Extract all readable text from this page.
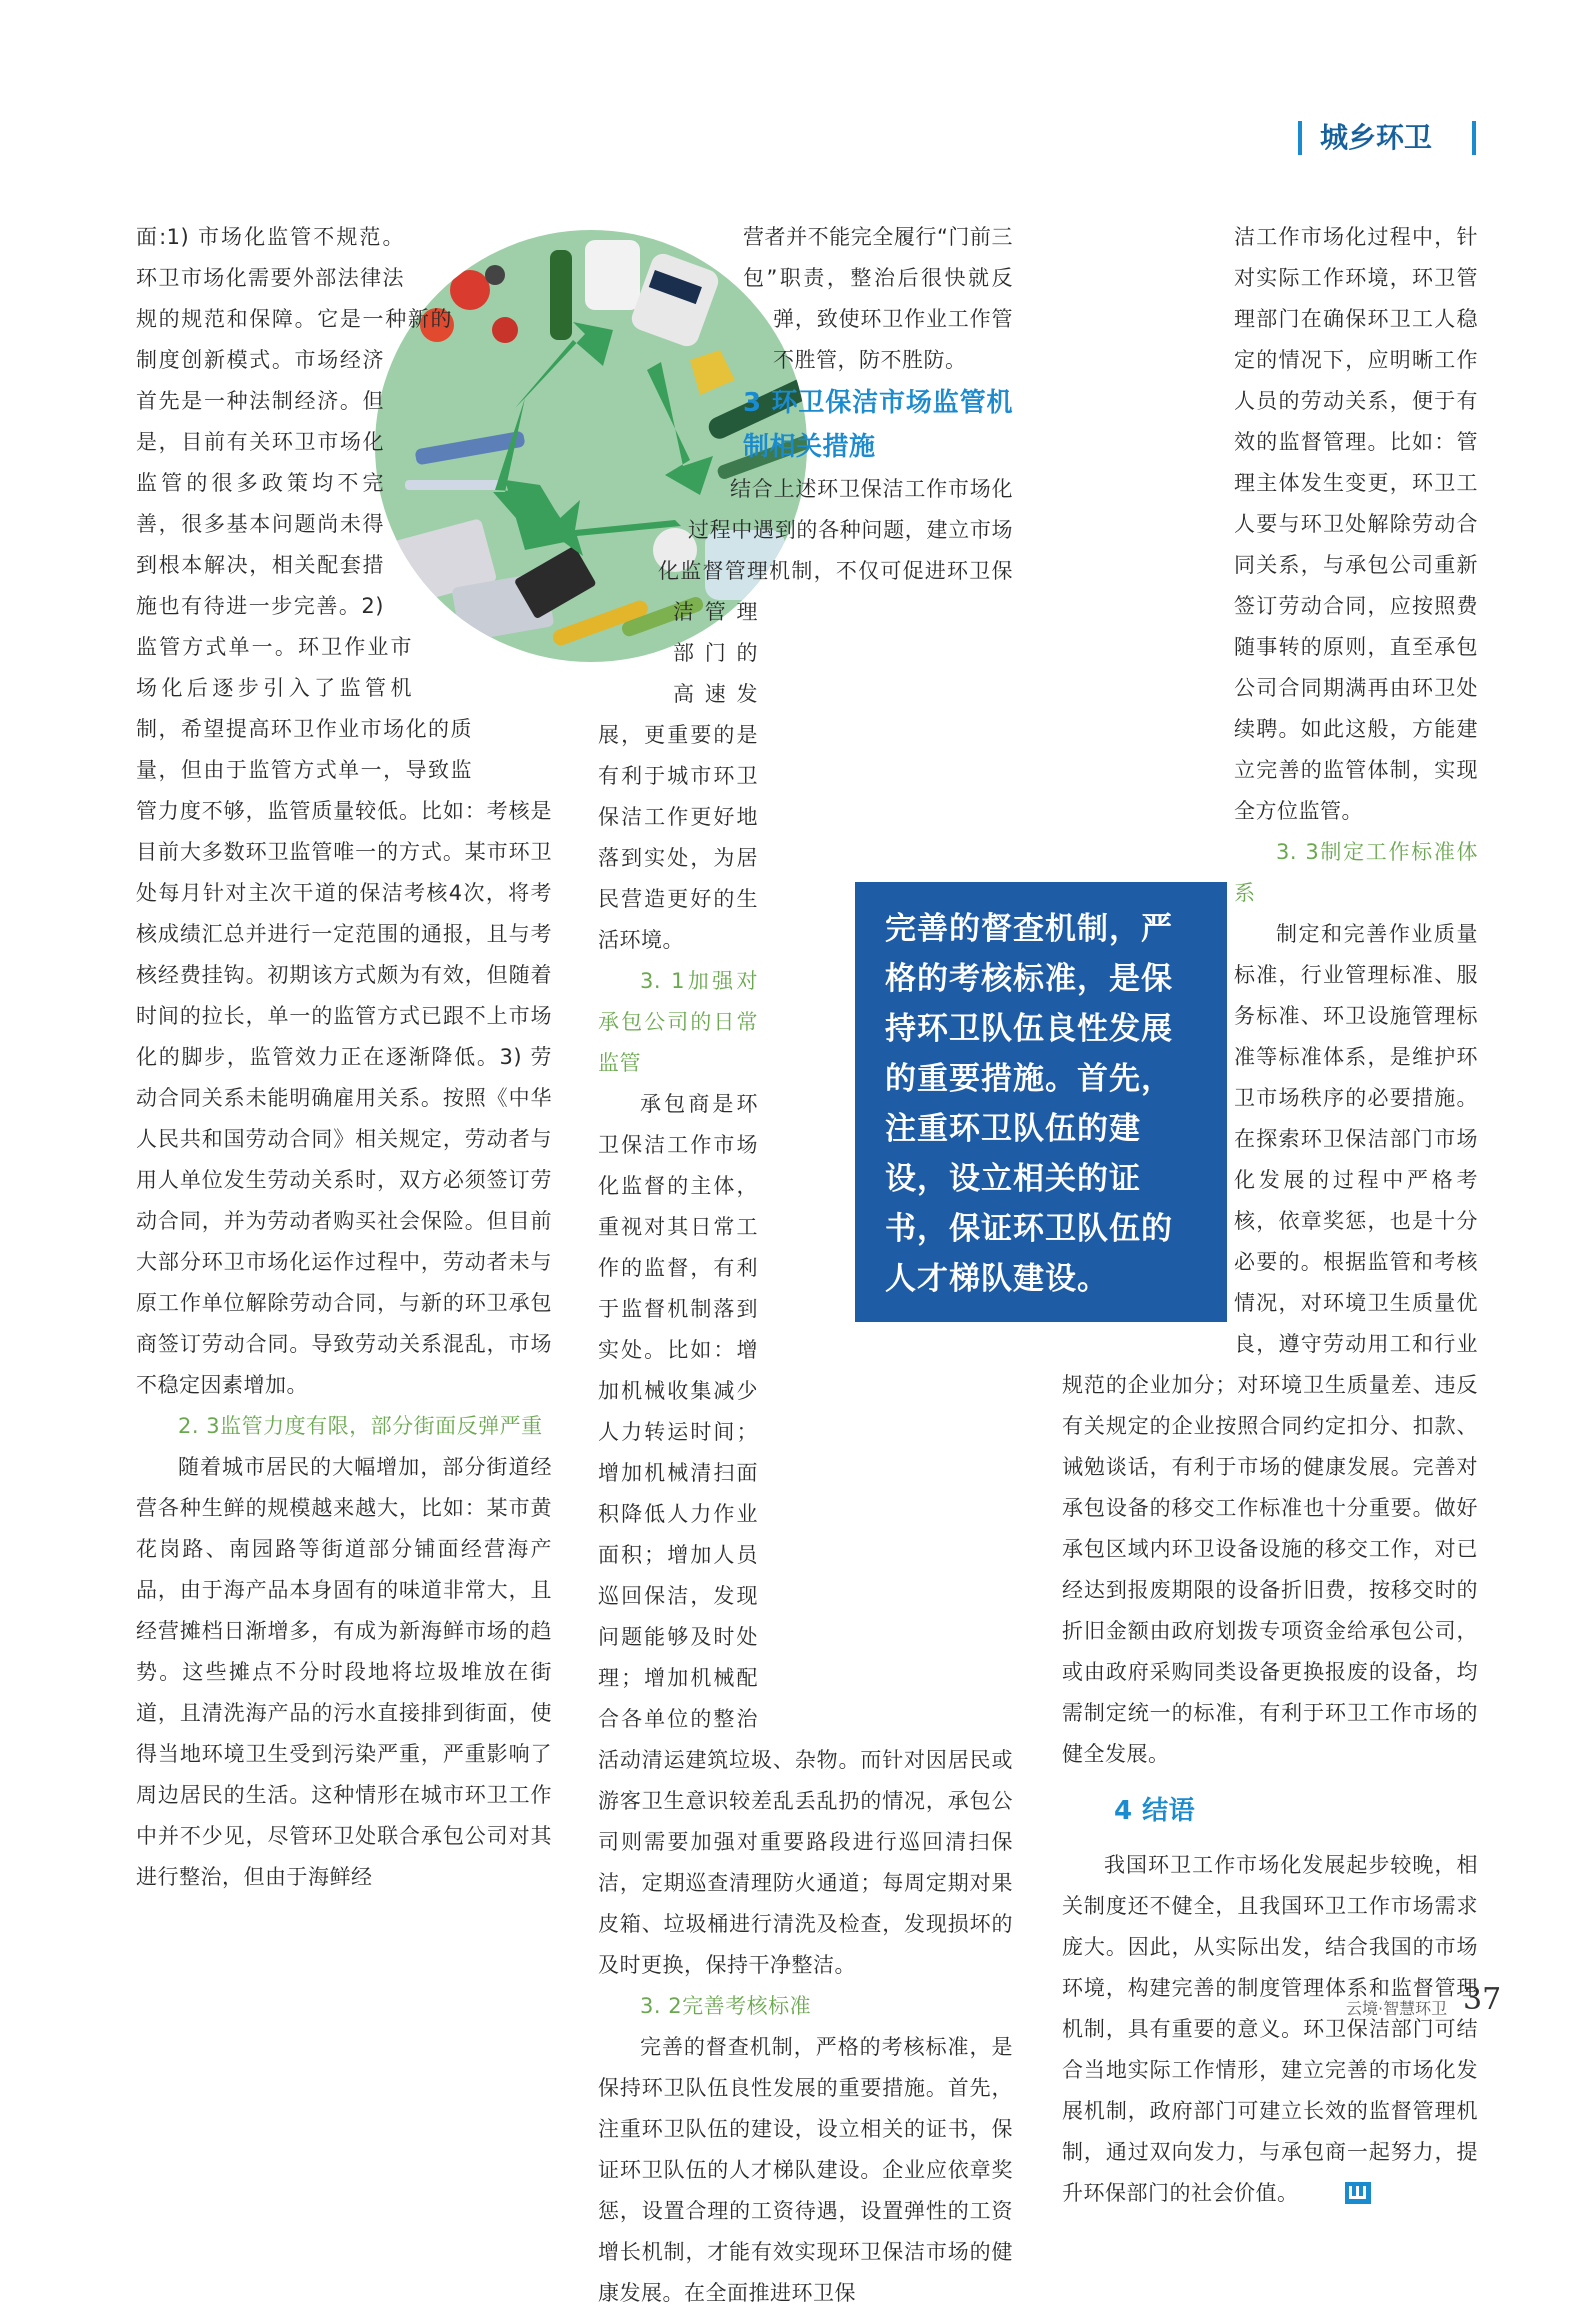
城乡环卫

面:1) 市场化监管不规范。环卫市场化需要外部法律法规的规范和保障。它是一种新的制度创新模式。市场经济首先是一种法制经济。但是，目前有关环卫市场化监管的很多政策均不完善，很多基本问题尚未得到根本解决，相关配套措施也有待进一步完善。2) 监管方式单一。环卫作业市场化后逐步引入了监管机制，希望提高环卫作业市场化的质量，但由于监管方式单一，导致监管力度不够，监管质量较低。比如：考核是目前大多数环卫监管唯一的方式。某市环卫处每月针对主次干道的保洁考核4次，将考核成绩汇总并进行一定范围的通报，且与考核经费挂钩。初期该方式颇为有效，但随着时间的拉长，单一的监管方式已跟不上市场化的脚步，监管效力正在逐渐降低。3) 劳动合同关系未能明确雇用关系。按照《中华人民共和国劳动合同》相关规定，劳动者与用人单位发生劳动关系时，双方必须签订劳动合同，并为劳动者购买社会保险。但目前大部分环卫市场化运作过程中，劳动者未与原工作单位解除劳动合同，与新的环卫承包商签订劳动合同。导致劳动关系混乱，市场不稳定因素增加。

2. 3监管力度有限，部分街面反弹严重

随着城市居民的大幅增加，部分街道经营各种生鲜的规模越来越大，比如：某市黄花岗路、南园路等街道部分铺面经营海产品，由于海产品本身固有的味道非常大，且经营摊档日渐增多，有成为新海鲜市场的趋势。这些摊点不分时段地将垃圾堆放在街道，且清洗海产品的污水直接排到街面，使得当地环境卫生受到污染严重，严重影响了周边居民的生活。这种情形在城市环卫工作中并不少见，尽管环卫处联合承包公司对其进行整治，但由于海鲜经

营者并不能完全履行“门前三包”职责，整治后很快就反弹，致使环卫作业工作管不胜管，防不胜防。

3 环卫保洁市场监管机制相关措施

结合上述环卫保洁工作市场化过程中遇到的各种问题，建立市场化监督管理机制，不仅可促进环卫保洁管理部门的高速发展，更重要的是有利于城市环卫保洁工作更好地落到实处，为居民营造更好的生活环境。

3. 1加强对承包公司的日常监管

承包商是环卫保洁工作市场化监督的主体，重视对其日常工作的监督，有利于监督机制落到实处。比如：增加机械收集减少人力转运时间；增加机械清扫面积降低人力作业面积；增加人员巡回保洁，发现问题能够及时处理；增加机械配合各单位的整治活动清运建筑垃圾、杂物。而针对因居民或游客卫生意识较差乱丢乱扔的情况，承包公司则需要加强对重要路段进行巡回清扫保洁，定期巡查清理防火通道；每周定期对果皮箱、垃圾桶进行清洗及检查，发现损坏的及时更换，保持干净整洁。

3. 2完善考核标准

完善的督查机制，严格的考核标准，是保持环卫队伍良性发展的重要措施。首先，注重环卫队伍的建设，设立相关的证书，保证环卫队伍的人才梯队建设。企业应依章奖惩，设置合理的工资待遇，设置弹性的工资增长机制，才能有效实现环卫保洁市场的健康发展。在全面推进环卫保

完善的督查机制，严格的考核标准，是保持环卫队伍良性发展的重要措施。首先，注重环卫队伍的建设，设立相关的证书，保证环卫队伍的人才梯队建设。

洁工作市场化过程中，针对实际工作环境，环卫管理部门在确保环卫工人稳定的情况下，应明晰工作人员的劳动关系，便于有效的监督管理。比如：管理主体发生变更，环卫工人要与环卫处解除劳动合同关系，与承包公司重新签订劳动合同，应按照费随事转的原则，直至承包公司合同期满再由环卫处续聘。如此这般，方能建立完善的监管体制，实现全方位监管。

3. 3制定工作标准体系

制定和完善作业质量标准，行业管理标准、服务标准、环卫设施管理标准等标准体系，是维护环卫市场秩序的必要措施。在探索环卫保洁部门市场化发展的过程中严格考核，依章奖惩，也是十分必要的。根据监管和考核情况，对环境卫生质量优良，遵守劳动用工和行业规范的企业加分；对环境卫生质量差、违反有关规定的企业按照合同约定扣分、扣款、诫勉谈话，有利于市场的健康发展。完善对承包设备的移交工作标准也十分重要。做好承包区域内环卫设备设施的移交工作，对已经达到报废期限的设备折旧费，按移交时的折旧金额由政府划拨专项资金给承包公司，或由政府采购同类设备更换报废的设备，均需制定统一的标准，有利于环卫工作市场的健全发展。

4 结语

我国环卫工作市场化发展起步较晚，相关制度还不健全，且我国环卫工作市场需求庞大。因此，从实际出发，结合我国的市场环境，构建完善的制度管理体系和监督管理机制，具有重要的意义。环卫保洁部门可结合当地实际工作情形，建立完善的市场化发展机制，政府部门可建立长效的监督管理机制，通过双向发力，与承包商一起努力，提升环保部门的社会价值。

云境·智慧环卫 37
